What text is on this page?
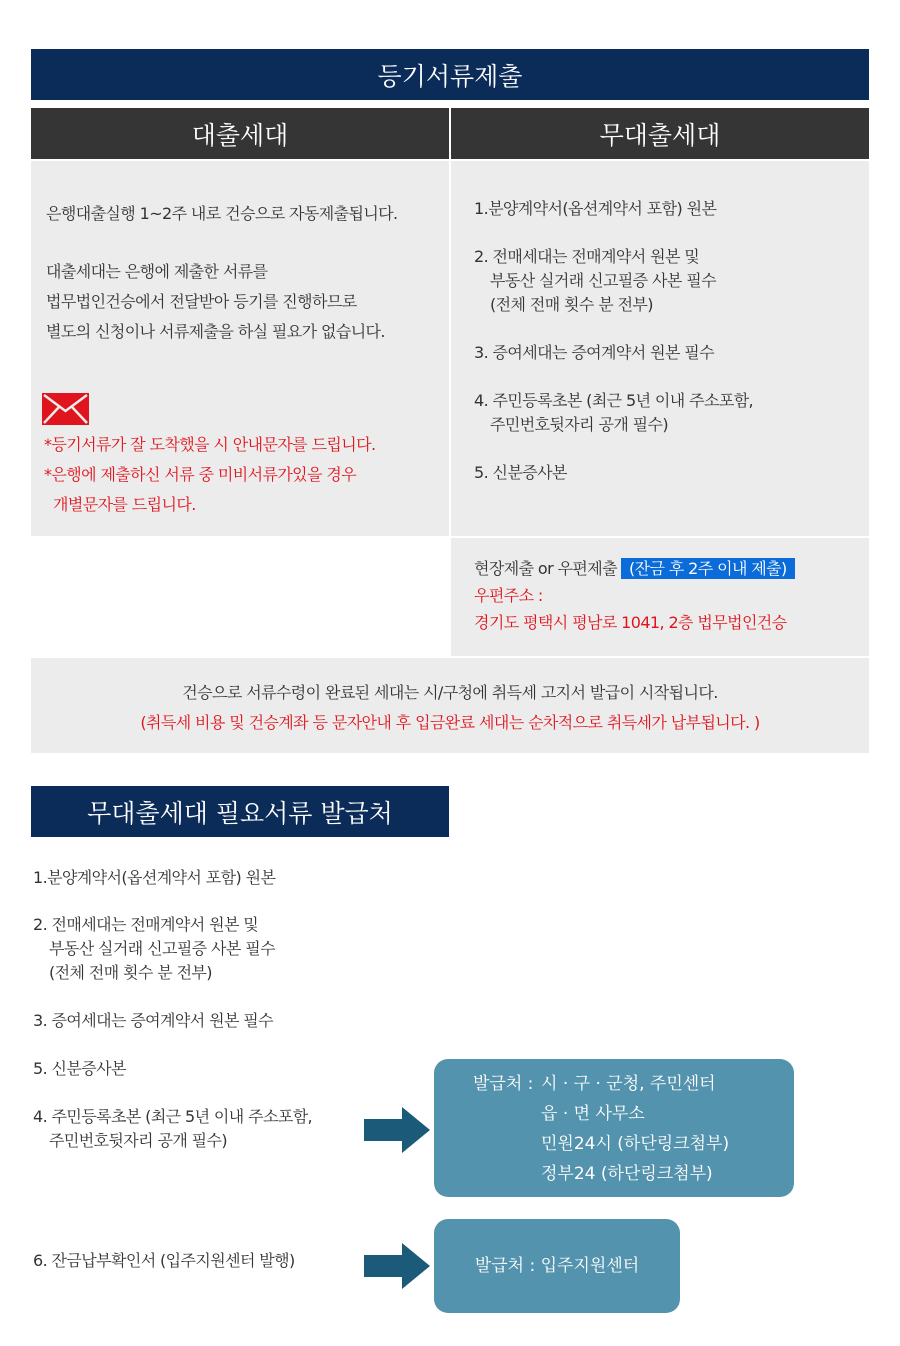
등기서류제출
대출세대	무대출세대

은행대출실행 1~2주 내로 건승으로 자동제출됩니다.

대출세대는 은행에 제출한 서류를

법무법인건승에서 전달받아 등기를 진행하므로

별도의 신청이나 서류제출을 하실 필요가 없습니다.

*등기서류가 잘 도착했을 시 안내문자를 드립니다.

*은행에 제출하신 서류 중 미비서류가있을 경우

개별문자를 드립니다.

1.분양계약서(옵션계약서 포함) 원본

2. 전매세대는 전매계약서 원본 및

부동산 실거래 신고필증 사본 필수

(전체 전매 횟수 분 전부)

3. 증여세대는 증여계약서 원본 필수

4. 주민등록초본 (최근 5년 이내 주소포함,

주민번호뒷자리 공개 필수)

5. 신분증사본

현장제출 or 우편제출 (잔금 후 2주 이내 제출)

우편주소 :

경기도 평택시 평남로 1041, 2층 법무법인건승

건승으로 서류수령이 완료된 세대는 시/구청에 취득세 고지서 발급이 시작됩니다.

(취득세 비용 및 건승계좌 등 문자안내 후 입금완료 세대는 순차적으로 취득세가 납부됩니다. )

무대출세대 필요서류 발급처

1.분양계약서(옵션계약서 포함) 원본

2. 전매세대는 전매계약서 원본 및

부동산 실거래 신고필증 사본 필수

(전체 전매 횟수 분 전부)

3. 증여세대는 증여계약서 원본 필수

5. 신분증사본

4. 주민등록초본 (최근 5년 이내 주소포함,

주민번호뒷자리 공개 필수)

6. 잔금납부확인서 (입주지원센터 발행)

발급처 : 시 · 구 · 군청, 주민센터

읍 · 면 사무소

민원24시 (하단링크첨부)

정부24 (하단링크첨부)

발급처 : 입주지원센터
